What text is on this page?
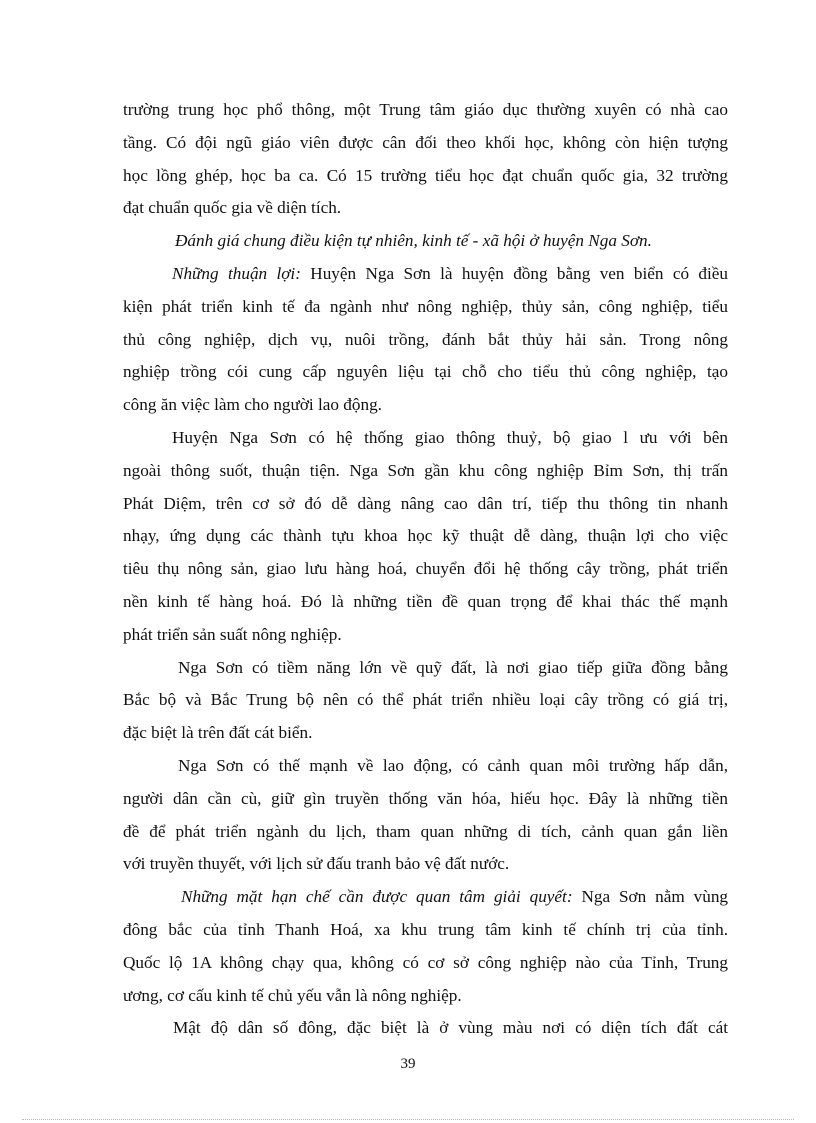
trường trung học phổ thông, một Trung tâm giáo dục thường xuyên có nhà cao
tầng. Có đội ngũ giáo viên được cân đối theo khối học, không còn hiện tượng
học lồng ghép, học ba ca. Có 15 trường tiểu học đạt chuẩn quốc gia, 32 trường
đạt chuẩn quốc gia về diện tích.

Đánh giá chung điều kiện tự nhiên, kinh tế - xã hội ở huyện Nga Sơn.

Những thuận lợi: Huyện Nga Sơn là huyện đồng bằng ven biển có điều
kiện phát triển kinh tế đa ngành như nông nghiệp, thủy sản, công nghiệp, tiểu
thủ công nghiệp, dịch vụ, nuôi trồng, đánh bắt thủy hải sản. Trong nông
nghiệp trồng cói cung cấp nguyên liệu tại chỗ cho tiểu thủ công nghiệp, tạo
công ăn việc làm cho người lao động.

Huyện Nga Sơn có hệ thống giao thông thuỷ, bộ giao l ưu với bên
ngoài thông suốt, thuận tiện. Nga Sơn gần khu công nghiệp Bỉm Sơn, thị trấn
Phát Diệm, trên cơ sở đó dễ dàng nâng cao dân trí, tiếp thu thông tin nhanh
nhạy, ứng dụng các thành tựu khoa học kỹ thuật dễ dàng, thuận lợi cho việc
tiêu thụ nông sản, giao lưu hàng hoá, chuyển đổi hệ thống cây trồng, phát triển
nền kinh tế hàng hoá. Đó là những tiền đề quan trọng để khai thác thế mạnh
phát triển sản suất nông nghiệp.

Nga Sơn có tiềm năng lớn về quỹ đất, là nơi giao tiếp giữa đồng bằng
Bắc bộ và Bắc Trung bộ nên có thể phát triển nhiều loại cây trồng có giá trị,
đặc biệt là trên đất cát biển.

Nga Sơn có thế mạnh về lao động, có cảnh quan môi trường hấp dẫn,
người dân cần cù, giữ gìn truyền thống văn hóa, hiếu học. Đây là những tiền
đề để phát triển ngành du lịch, tham quan những di tích, cảnh quan gắn liền
với truyền thuyết, với lịch sử đấu tranh bảo vệ đất nước.

Những mặt hạn chế cần được quan tâm giải quyết: Nga Sơn nằm vùng
đông bắc của tỉnh Thanh Hoá, xa khu trung tâm kinh tế chính trị của tỉnh.
Quốc lộ 1A không chạy qua, không có cơ sở công nghiệp nào của Tỉnh, Trung
ương, cơ cấu kinh tế chủ yếu vẫn là nông nghiệp.

Mật độ dân số đông, đặc biệt là ở vùng màu nơi có diện tích đất cát

39
